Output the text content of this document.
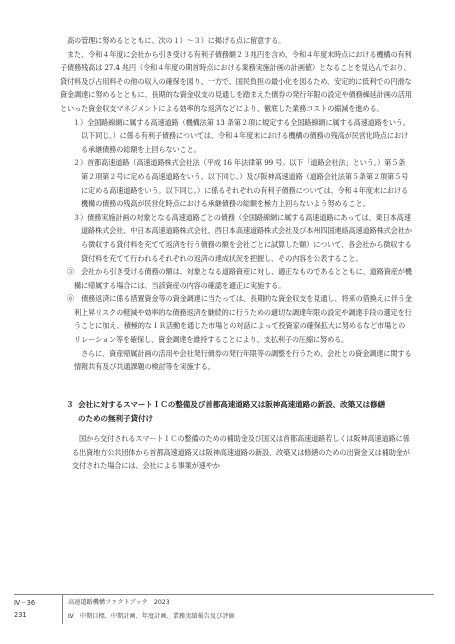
高の管理に努めるとともに、次の１）～３）に掲げる点に留意する。

また、令和４年度に会社から引き受ける有利子債務額２３兆円を含め、令和４年度末時点における機構の有利子債務残高は 27.4 兆円（令和４年度の期首時点における業務実施計画の計画値）となることを見込んでおり、貸付料及び占用料その他の収入の確保を図り、一方で、国民負担の最小化を図るため、安定的に低利での円滑な資金調達に努めるとともに、長期的な資金収支の見通しを踏まえた債券の発行年限の設定や債務繰延計画の活用といった資金収支マネジメントによる効率的な返済などにより、徹底した業務コストの縮減を進める。

１）全国路線網に属する高速道路（機構法第 13 条第２項に規定する全国路線網に属する高速道路をいう。以下同じ。）に係る有利子債務については、令和４年度末における機構の債務の残高が民営化時点における承継債務の総額を上回らないこと。

２）首都高速道路（高速道路株式会社法（平成 16 年法律第 99 号。以下「道路会社法」という。）第５条第２項第２号に定める高速道路をいう。以下同じ。）及び阪神高速道路（道路会社法第５条第２項第５号に定める高速道路をいう。以下同じ。）に係るそれぞれの有利子債務については、令和４年度末における機構の債務の残高が民営化時点における承継債務の総額を極力上回らないよう努めること。

３）債務実施計画の対象となる高速道路ごとの債務（全国路線網に属する高速道路にあっては、東日本高速道路株式会社、中日本高速道路株式会社、西日本高速道路株式会社及び本州四国連絡高速道路株式会社から徴収する貸付料を充てて返済を行う債務の額を会社ごとに試算した額）について、各会社から徴収する貸付料を充てて行われるそれぞれの返済の達成状況を把握し、その内容を公表すること。

⑤　会社から引き受ける債務の額は、対象となる道路資産に対し、適正なものであるとともに、道路資産が機構に帰属する場合には、当該資産の内容の確認を適正に実施する。

⑥　債務返済に係る措置資金等の資金調達に当たっては、長期的な資金収支を見通し、将来の借換えに伴う金利上昇リスクの軽減や効率的な債務返済を継続的に行うための適切な調達年限の設定や調達手段の選定を行うことに加え、積極的なＩＲ活動を通じた市場との対話によって投資家の確保拡大に努めるなど市場とのリレーション等を確保し、資金調達を維持することにより、支払利子の圧縮に努める。

さらに、資産帰属計画の活用や会社発行債券の発行年限等の調整を行うため、会社との資金調達に関する情報共有及び共通課題の検討等を実施する。

３ 会社に対するスマートＩＣの整備及び首都高速道路又は阪神高速道路の新設、改築又は修繕
のための無利子貸付け

国から交付されるスマートＩＣの整備のための補助金及び国又は首都高速道路若しくは阪神高速道路に係る出資地方公共団体から首都高速道路又は阪神高速道路の新設、改築又は修繕のための出資金又は補助金が交付された場合には、会社による事業が速やか

Ⅳ－36
231
高速道路機構ファクトブック　2023
Ⅳ　中期目標、中期計画、年度計画、業務実績報告及び評価
